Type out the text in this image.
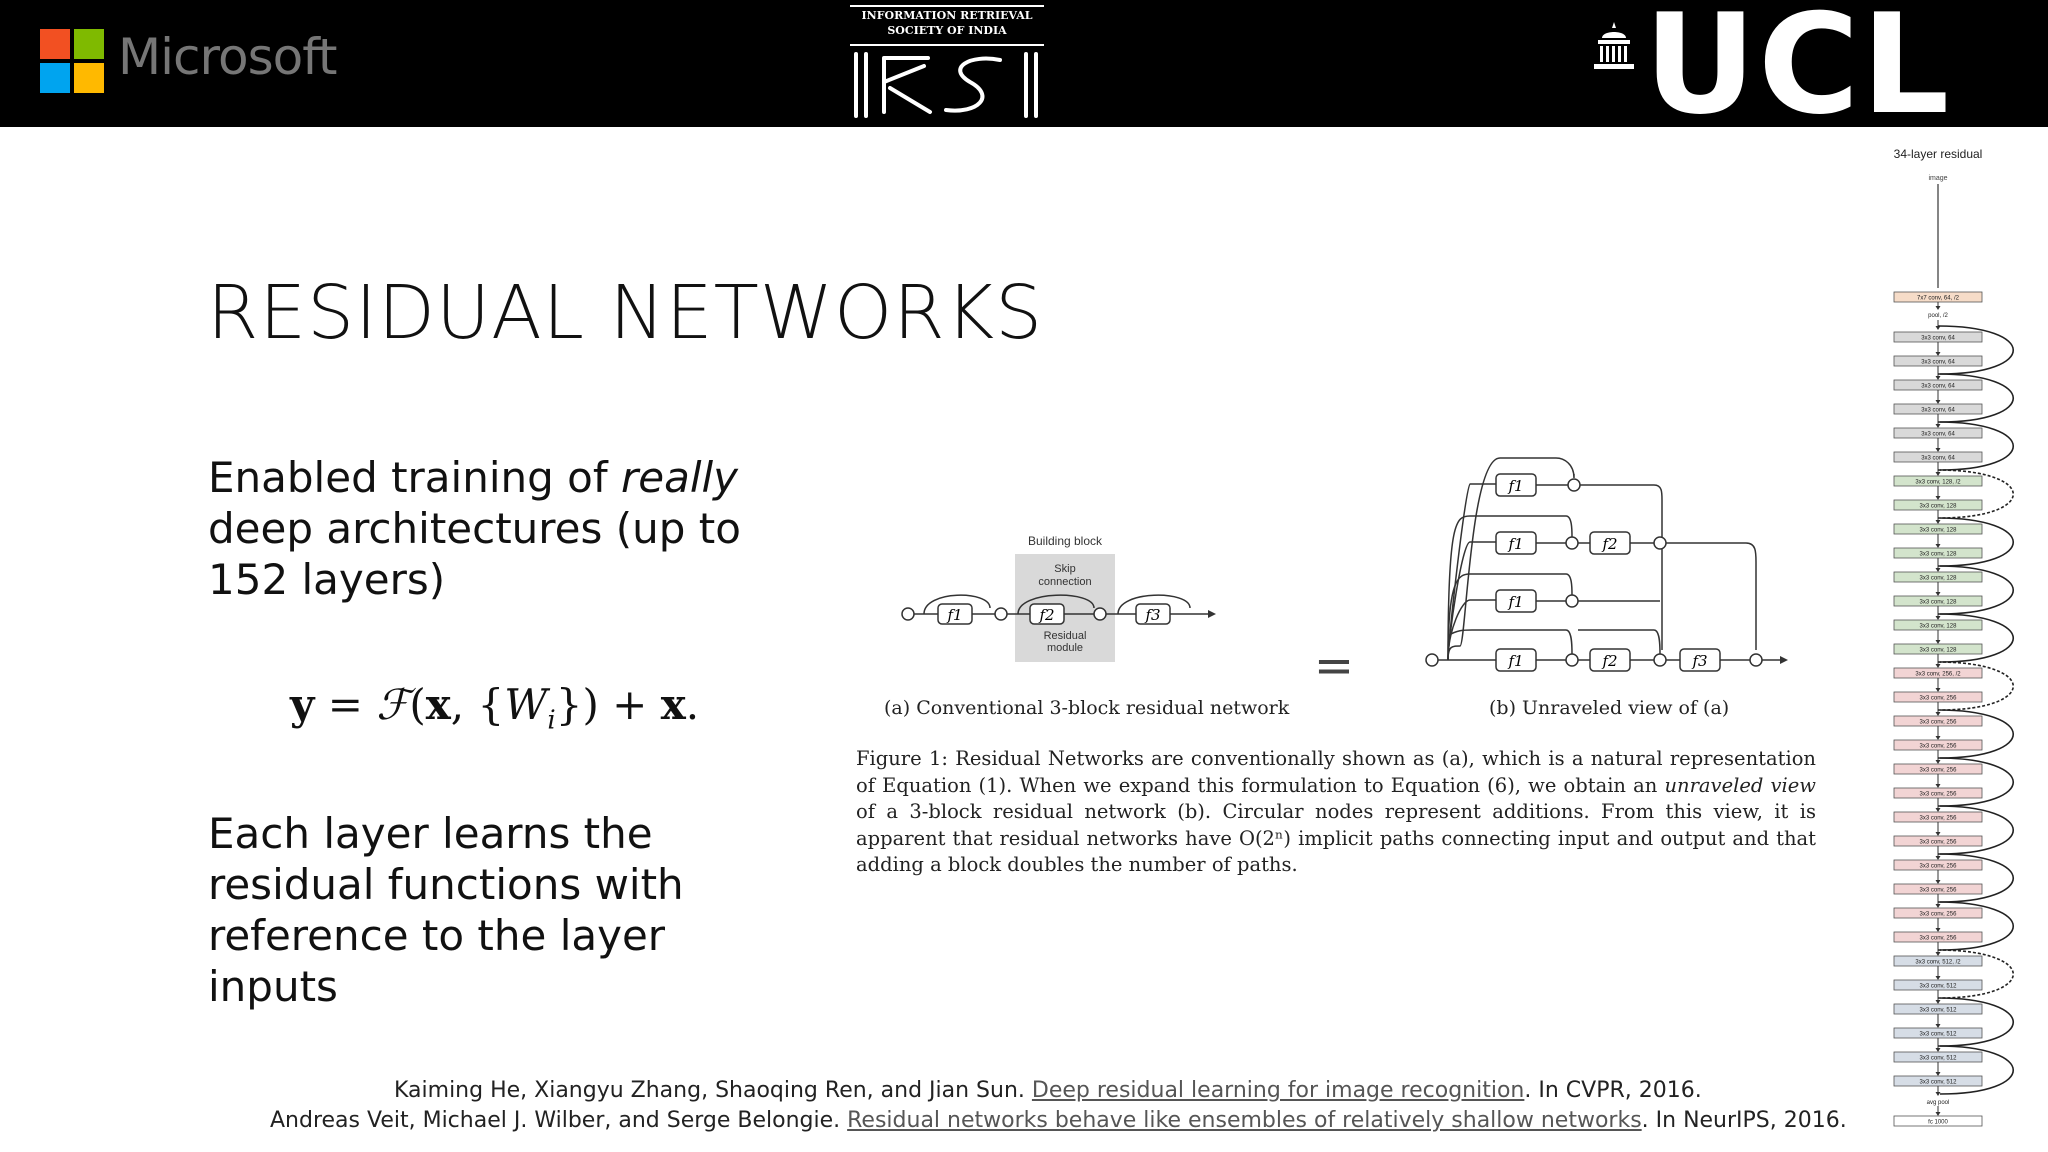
Microsoft
INFORMATION RETRIEVAL
SOCIETY OF INDIA	UCL
RESIDUAL NETWORKS
Enabled training of really deep architectures (up to 152 layers)
y = ℱ(x, $\{W_i\}) + x$.
Each layer learns the residual functions with reference to the layer inputs
Building block
Skip
connection
Residual
module
f1	f2	f3
=
f1
f1	f2
f1
f1	f2	f3
(a) Conventional 3-block residual network	(b) Unraveled view of (a)
Figure 1: Residual Networks are conventionally shown as (a), which is a natural representation of Equation (1). When we expand this formulation to Equation (6), we obtain an unraveled view of a 3-block residual network (b). Circular nodes represent additions. From this view, it is apparent that residual networks have O(2ⁿ) implicit paths connecting input and output and that adding a block doubles the number of paths.
34-layer residual
image
7x7 conv, 64, /2
pool, /2
3x3 conv, 64
3x3 conv, 64
3x3 conv, 64
3x3 conv, 64
3x3 conv, 64
3x3 conv, 64
3x3 conv, 128, /2
3x3 conv, 128
3x3 conv, 128
3x3 conv, 128
3x3 conv, 128
3x3 conv, 128
3x3 conv, 128
3x3 conv, 128
3x3 conv, 256, /2
3x3 conv, 256
3x3 conv, 256
3x3 conv, 256
3x3 conv, 256
3x3 conv, 256
3x3 conv, 256
3x3 conv, 256
3x3 conv, 256
3x3 conv, 256
3x3 conv, 256
3x3 conv, 256
3x3 conv, 512, /2
3x3 conv, 512
3x3 conv, 512
3x3 conv, 512
3x3 conv, 512
3x3 conv, 512
avg pool
fc 1000
Kaiming He, Xiangyu Zhang, Shaoqing Ren, and Jian Sun. Deep residual learning for image recognition. In CVPR, 2016.
Andreas Veit, Michael J. Wilber, and Serge Belongie. Residual networks behave like ensembles of relatively shallow networks. In NeurIPS, 2016.
